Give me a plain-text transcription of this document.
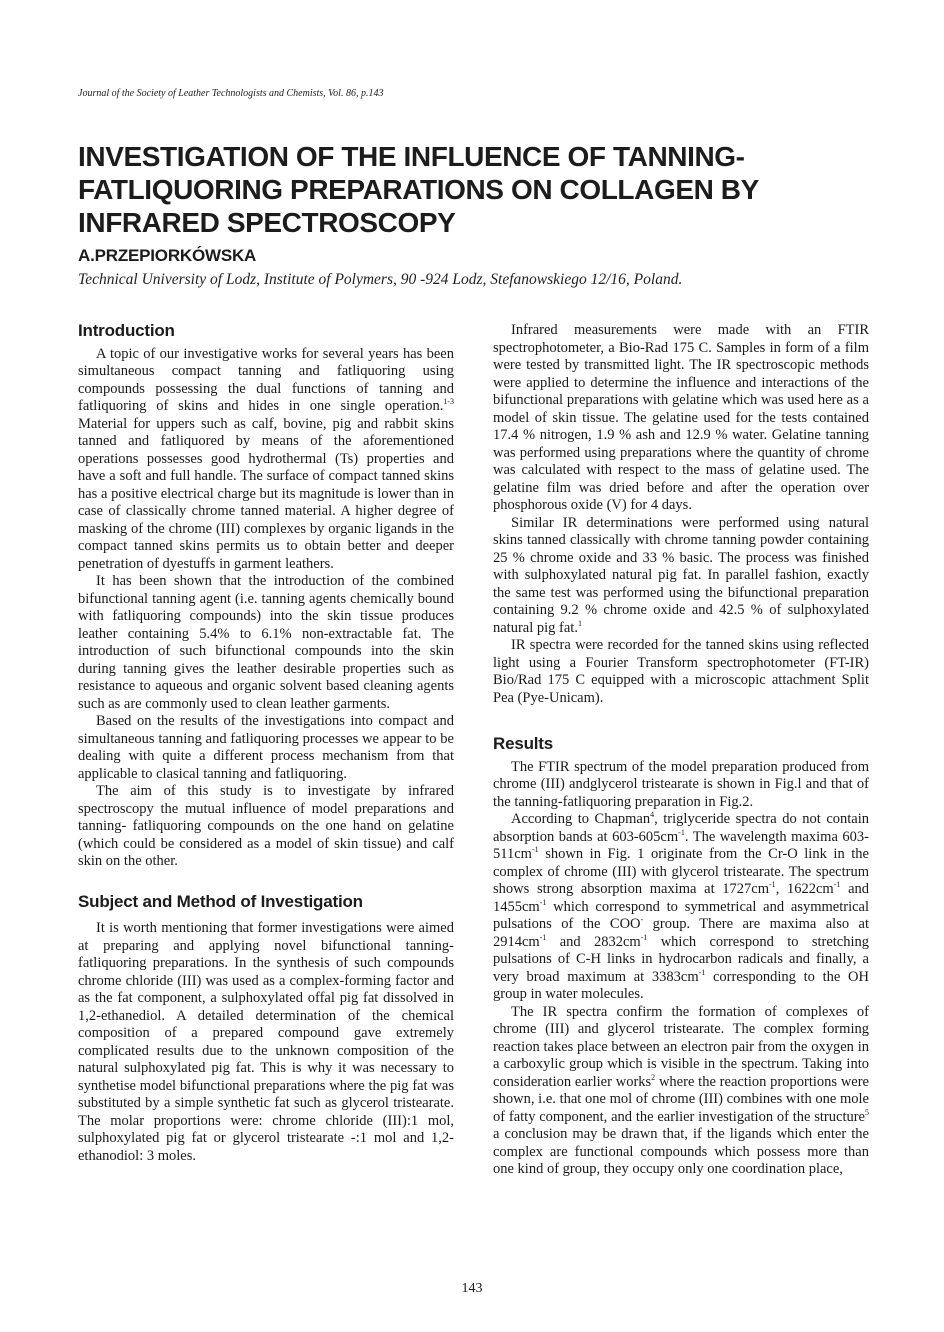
Journal of the Society of Leather Technologists and Chemists, Vol. 86, p.143
INVESTIGATION OF THE INFLUENCE OF TANNING-FATLIQUORING PREPARATIONS ON COLLAGEN BY INFRARED SPECTROSCOPY
A.PRZEPIORKÓWSKA
Technical University of Lodz, Institute of Polymers, 90 -924 Lodz, Stefanowskiego 12/16, Poland.
Introduction

A topic of our investigative works for several years has been simultaneous compact tanning and fatliquoring using compounds possessing the dual functions of tanning and fatliquoring of skins and hides in one single operation.$^{1-3}$ Material for uppers such as calf, bovine, pig and rabbit skins tanned and fatliquored by means of the aforementioned operations possesses good hydrothermal (Ts) properties and have a soft and full handle. The surface of compact tanned skins has a positive electrical charge but its magnitude is lower than in case of classically chrome tanned material. A higher degree of masking of the chrome (III) complexes by organic ligands in the compact tanned skins permits us to obtain better and deeper penetration of dyestuffs in garment leathers.

It has been shown that the introduction of the combined bifunctional tanning agent (i.e. tanning agents chemically bound with fatliquoring compounds) into the skin tissue produces leather containing 5.4% to 6.1% non-extractable fat. The introduction of such bifunctional compounds into the skin during tanning gives the leather desirable properties such as resistance to aqueous and organic solvent based cleaning agents such as are commonly used to clean leather garments.

Based on the results of the investigations into compact and simultaneous tanning and fatliquoring processes we appear to be dealing with quite a different process mechanism from that applicable to clasical tanning and fatliquoring.

The aim of this study is to investigate by infrared spectroscopy the mutual influence of model preparations and tanning- fatliquoring compounds on the one hand on gelatine (which could be considered as a model of skin tissue) and calf skin on the other.

Subject and Method of Investigation

It is worth mentioning that former investigations were aimed at preparing and applying novel bifunctional tanning- fatliquoring preparations. In the synthesis of such compounds chrome chloride (III) was used as a complex-forming factor and as the fat component, a sulphoxylated offal pig fat dissolved in 1,2-ethanediol. A detailed determination of the chemical composition of a prepared compound gave extremely complicated results due to the unknown composition of the natural sulphoxylated pig fat. This is why it was necessary to synthetise model bifunctional preparations where the pig fat was substituted by a simple synthetic fat such as glycerol tristearate. The molar proportions were: chrome chloride (III):1 mol, sulphoxylated pig fat or glycerol tristearate -:1 mol and 1,2-ethanodiol: 3 moles.

Infrared measurements were made with an FTIR spectrophotometer, a Bio-Rad 175 C. Samples in form of a film were tested by transmitted light. The IR spectroscopic methods were applied to determine the influence and interactions of the bifunctional preparations with gelatine which was used here as a model of skin tissue. The gelatine used for the tests contained 17.4 % nitrogen, 1.9 % ash and 12.9 % water. Gelatine tanning was performed using preparations where the quantity of chrome was calculated with respect to the mass of gelatine used. The gelatine film was dried before and after the operation over phosphorous oxide (V) for 4 days.

Similar IR determinations were performed using natural skins tanned classically with chrome tanning powder containing 25 % chrome oxide and 33 % basic. The process was finished with sulphoxylated natural pig fat. In parallel fashion, exactly the same test was performed using the bifunctional preparation containing 9.2 % chrome oxide and 42.5 % of sulphoxylated natural pig fat.$^1$

IR spectra were recorded for the tanned skins using reflected light using a Fourier Transform spectrophotometer (FT-IR) Bio/Rad 175 C equipped with a microscopic attachment Split Pea (Pye-Unicam).

Results

The FTIR spectrum of the model preparation produced from chrome (III) andglycerol tristearate is shown in Fig.l and that of the tanning-fatliquoring preparation in Fig.2.

According to Chapman$^4$, triglyceride spectra do not contain absorption bands at $603-605cm^{-1}$. The wavelength maxima $603-511cm^{-1}$ shown in Fig. 1 originate from the Cr-O link in the complex of chrome (III) with glycerol tristearate. The spectrum shows strong absorption maxima at $1727cm^{-1}$, $1622cm^{-1}$ and $1455cm^{-1}$ which correspond to symmetrical and asymmetrical pulsations of the COO- group. There are maxima also at $2914cm^{-1}$ and $2832cm^{-1}$ which correspond to stretching pulsations of C-H links in hydrocarbon radicals and finally, a very broad maximum at $3383cm^{-1}$ corresponding to the OH group in water molecules.

The IR spectra confirm the formation of complexes of chrome (III) and glycerol tristearate. The complex forming reaction takes place between an electron pair from the oxygen in a carboxylic group which is visible in the spectrum. Taking into consideration earlier works$^2$ where the reaction proportions were shown, i.e. that one mol of chrome (III) combines with one mole of fatty component, and the earlier investigation of the structure$^5$ a conclusion may be drawn that, if the ligands which enter the complex are functional compounds which possess more than one kind of group, they occupy only one coordination place,

143
